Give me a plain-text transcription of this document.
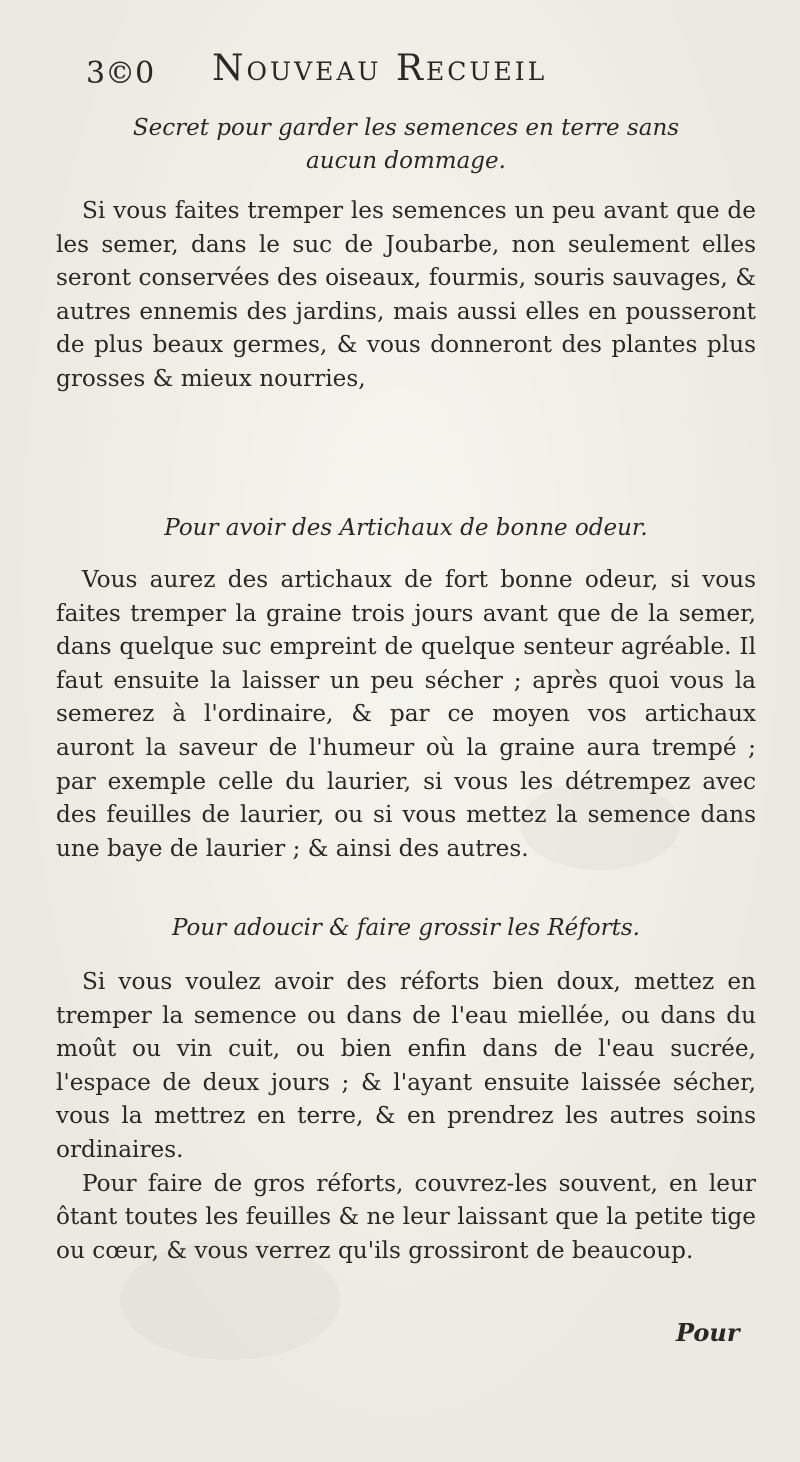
3©0 Nouveau Recueil

Secret pour garder les semences en terre sans aucun dommage.

Si vous faites tremper les semences un peu avant que de les semer, dans le suc de Joubarbe, non seulement elles seront conservées des oiseaux, fourmis, souris sauvages, & autres ennemis des jardins, mais aussi elles en pousseront de plus beaux germes, & vous donneront des plantes plus grosses & mieux nourries,

Pour avoir des Artichaux de bonne odeur.

Vous aurez des artichaux de fort bonne odeur, si vous faites tremper la graine trois jours avant que de la semer, dans quelque suc empreint de quelque senteur agréable. Il faut ensuite la laisser un peu sécher ; après quoi vous la semerez à l'ordinaire, & par ce moyen vos artichaux auront la saveur de l'humeur où la graine aura trempé ; par exemple celle du laurier, si vous les détrempez avec des feuilles de laurier, ou si vous mettez la semence dans une baye de laurier ; & ainsi des autres.

Pour adoucir & faire grossir les Réforts.

Si vous voulez avoir des réforts bien doux, mettez en tremper la semence ou dans de l'eau miellée, ou dans du moût ou vin cuit, ou bien enfin dans de l'eau sucrée, l'espace de deux jours ; & l'ayant ensuite laissée sécher, vous la mettrez en terre, & en prendrez les autres soins ordinaires.

Pour faire de gros réforts, couvrez-les souvent, en leur ôtant toutes les feuilles & ne leur laissant que la petite tige ou cœur, & vous verrez qu'ils grossiront de beaucoup.

Pour
